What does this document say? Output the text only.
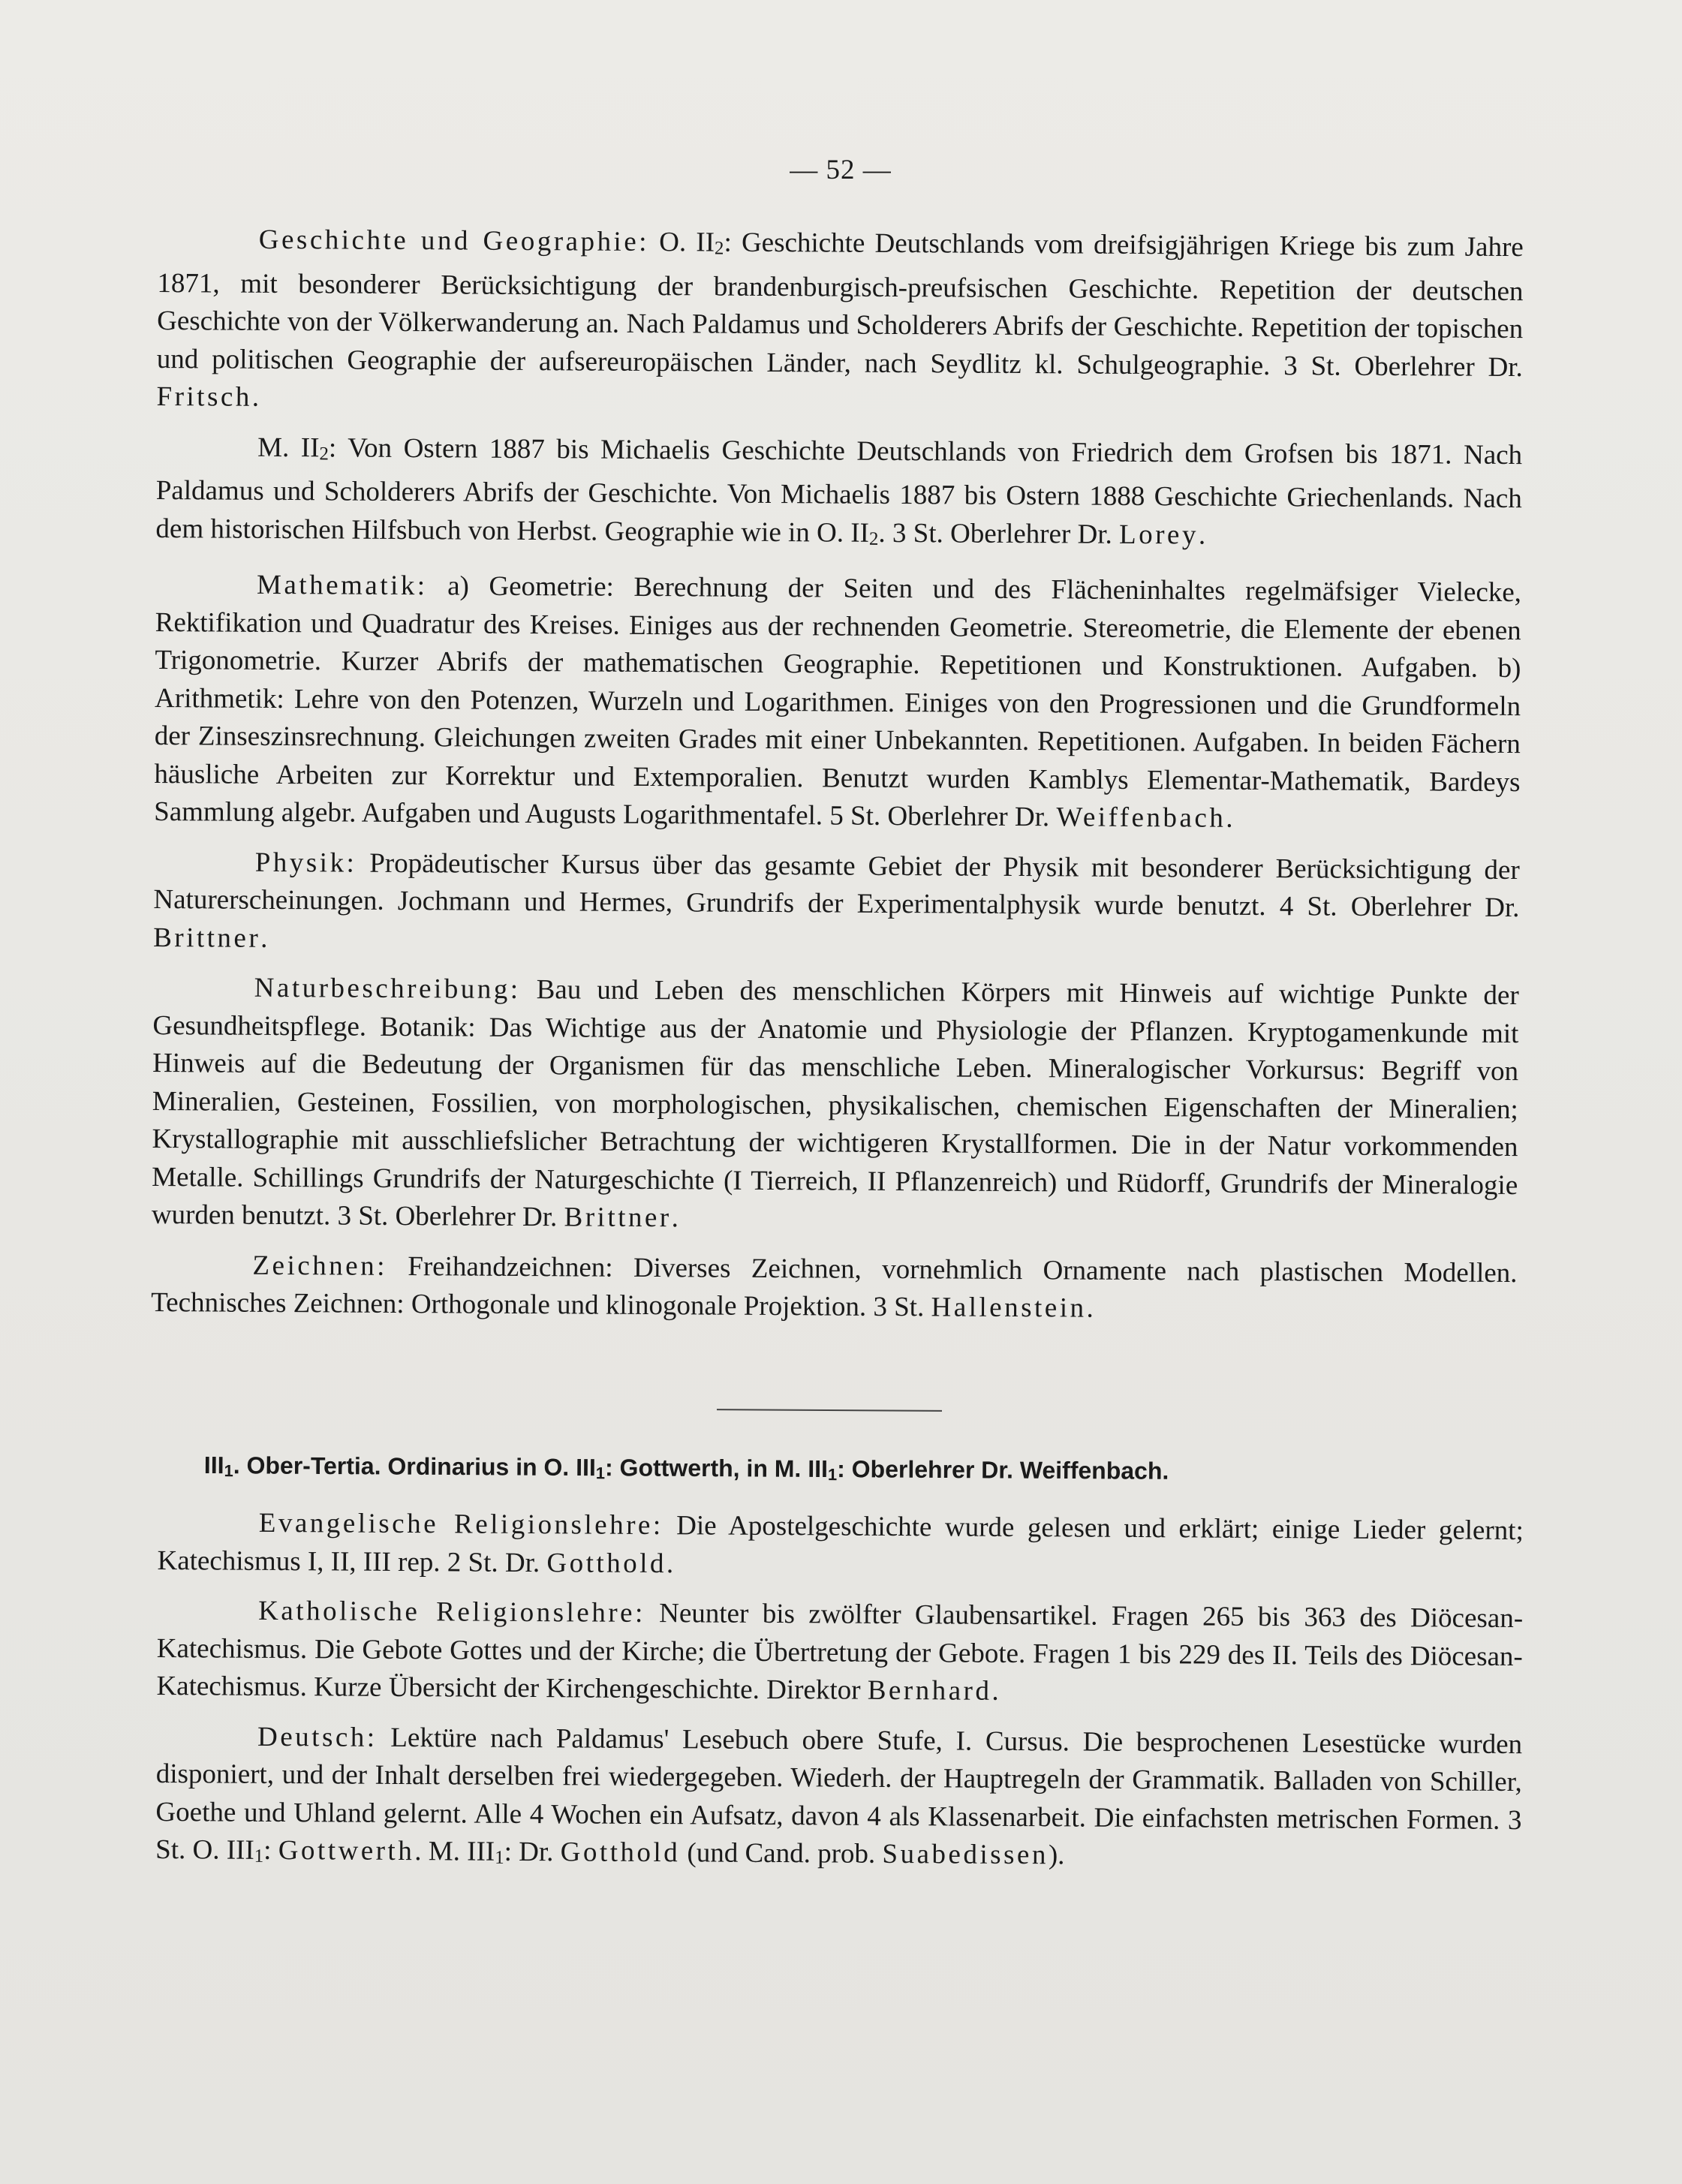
— 52 —

Geschichte und Geographie: O. II2: Geschichte Deutschlands vom dreifsigjährigen Kriege bis zum Jahre 1871, mit besonderer Berücksichtigung der brandenburgisch-preufsischen Geschichte. Repetition der deutschen Geschichte von der Völkerwanderung an. Nach Paldamus und Scholderers Abrifs der Geschichte. Repetition der topischen und politischen Geographie der aufsereuropäischen Länder, nach Seydlitz kl. Schulgeographie. 3 St. Oberlehrer Dr. Fritsch.

M. II2: Von Ostern 1887 bis Michaelis Geschichte Deutschlands von Friedrich dem Grofsen bis 1871. Nach Paldamus und Scholderers Abrifs der Geschichte. Von Michaelis 1887 bis Ostern 1888 Geschichte Griechenlands. Nach dem historischen Hilfsbuch von Herbst. Geographie wie in O. II2. 3 St. Oberlehrer Dr. Lorey.

Mathematik: a) Geometrie: Berechnung der Seiten und des Flächeninhaltes regelmäfsiger Vielecke, Rektifikation und Quadratur des Kreises. Einiges aus der rechnenden Geometrie. Stereometrie, die Elemente der ebenen Trigonometrie. Kurzer Abrifs der mathematischen Geographie. Repetitionen und Konstruktionen. Aufgaben. b) Arithmetik: Lehre von den Potenzen, Wurzeln und Logarithmen. Einiges von den Progressionen und die Grundformeln der Zinseszinsrechnung. Gleichungen zweiten Grades mit einer Unbekannten. Repetitionen. Aufgaben. In beiden Fächern häusliche Arbeiten zur Korrektur und Extemporalien. Benutzt wurden Kamblys Elementar-Mathematik, Bardeys Sammlung algebr. Aufgaben und Augusts Logarithmentafel. 5 St. Oberlehrer Dr. Weiffenbach.

Physik: Propädeutischer Kursus über das gesamte Gebiet der Physik mit besonderer Berücksichtigung der Naturerscheinungen. Jochmann und Hermes, Grundrifs der Experimentalphysik wurde benutzt. 4 St. Oberlehrer Dr. Brittner.

Naturbeschreibung: Bau und Leben des menschlichen Körpers mit Hinweis auf wichtige Punkte der Gesundheitspflege. Botanik: Das Wichtige aus der Anatomie und Physiologie der Pflanzen. Kryptogamenkunde mit Hinweis auf die Bedeutung der Organismen für das menschliche Leben. Mineralogischer Vorkursus: Begriff von Mineralien, Gesteinen, Fossilien, von morphologischen, physikalischen, chemischen Eigenschaften der Mineralien; Krystallographie mit ausschliefslicher Betrachtung der wichtigeren Krystallformen. Die in der Natur vorkommenden Metalle. Schillings Grundrifs der Naturgeschichte (I Tierreich, II Pflanzenreich) und Rüdorff, Grundrifs der Mineralogie wurden benutzt. 3 St. Oberlehrer Dr. Brittner.

Zeichnen: Freihandzeichnen: Diverses Zeichnen, vornehmlich Ornamente nach plastischen Modellen. Technisches Zeichnen: Orthogonale und klinogonale Projektion. 3 St. Hallenstein.

III1. Ober-Tertia. Ordinarius in O. III1: Gottwerth, in M. III1: Oberlehrer Dr. Weiffenbach.

Evangelische Religionslehre: Die Apostelgeschichte wurde gelesen und erklärt; einige Lieder gelernt; Katechismus I, II, III rep. 2 St. Dr. Gotthold.

Katholische Religionslehre: Neunter bis zwölfter Glaubensartikel. Fragen 265 bis 363 des Diöcesan-Katechismus. Die Gebote Gottes und der Kirche; die Übertretung der Gebote. Fragen 1 bis 229 des II. Teils des Diöcesan-Katechismus. Kurze Übersicht der Kirchengeschichte. Direktor Bernhard.

Deutsch: Lektüre nach Paldamus' Lesebuch obere Stufe, I. Cursus. Die besprochenen Lesestücke wurden disponiert, und der Inhalt derselben frei wiedergegeben. Wiederh. der Hauptregeln der Grammatik. Balladen von Schiller, Goethe und Uhland gelernt. Alle 4 Wochen ein Aufsatz, davon 4 als Klassenarbeit. Die einfachsten metrischen Formen. 3 St. O. III1: Gottwerth. M. III1: Dr. Gotthold (und Cand. prob. Suabedissen).
